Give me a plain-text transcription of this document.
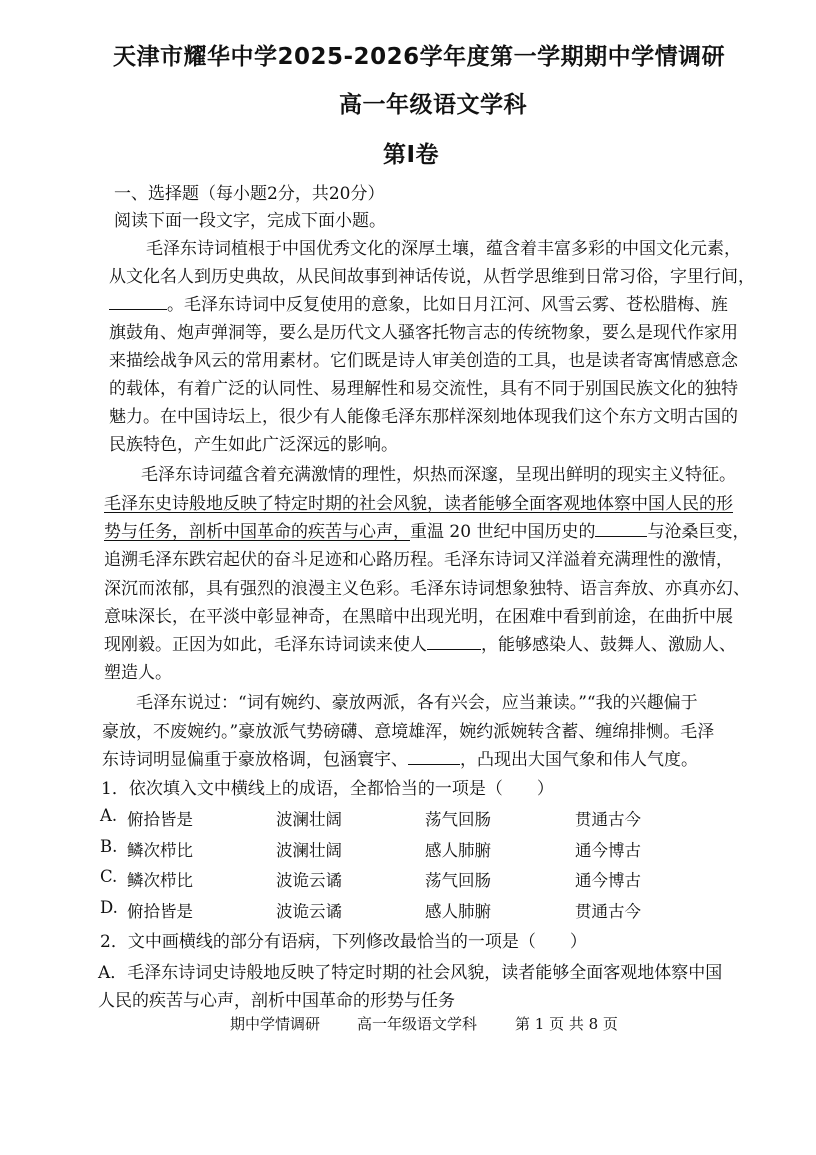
天津市耀华中学2025-2026学年度第一学期期中学情调研
高一年级语文学科
第Ⅰ卷
一、选择题（每小题2分，共20分）
阅读下面一段文字，完成下面小题。
毛泽东诗词植根于中国优秀文化的深厚土壤，蕴含着丰富多彩的中国文化元素，
从文化名人到历史典故，从民间故事到神话传说，从哲学思维到日常习俗，字里行间，
。毛泽东诗词中反复使用的意象，比如日月江河、风雪云雾、苍松腊梅、旌
旗鼓角、炮声弹洞等，要么是历代文人骚客托物言志的传统物象，要么是现代作家用
来描绘战争风云的常用素材。它们既是诗人审美创造的工具，也是读者寄寓情感意念
的载体，有着广泛的认同性、易理解性和易交流性，具有不同于别国民族文化的独特
魅力。在中国诗坛上，很少有人能像毛泽东那样深刻地体现我们这个东方文明古国的
民族特色，产生如此广泛深远的影响。
毛泽东诗词蕴含着充满激情的理性，炽热而深邃，呈现出鲜明的现实主义特征。
毛泽东史诗般地反映了特定时期的社会风貌，读者能够全面客观地体察中国人民的形
势与任务，剖析中国革命的疾苦与心声，重温 20 世纪中国历史的	与沧桑巨变，
追溯毛泽东跌宕起伏的奋斗足迹和心路历程。毛泽东诗词又洋溢着充满理性的激情，
深沉而浓郁，具有强烈的浪漫主义色彩。毛泽东诗词想象独特、语言奔放、亦真亦幻、
意味深长，在平淡中彰显神奇，在黑暗中出现光明，在困难中看到前途，在曲折中展
现刚毅。正因为如此，毛泽东诗词读来使人	，能够感染人、鼓舞人、激励人、
塑造人。
毛泽东说过：“词有婉约、豪放两派，各有兴会，应当兼读。”“我的兴趣偏于
豪放，不废婉约。”豪放派气势磅礴、意境雄浑，婉约派婉转含蓄、缠绵排恻。毛泽
东诗词明显偏重于豪放格调，包涵寰宇、	，凸现出大国气象和伟人气度。
1．依次填入文中横线上的成语，全都恰当的一项是（　　）
A. 俯拾皆是	波澜壮阔	荡气回肠	贯通古今
B. 鳞次栉比	波澜壮阔	感人肺腑	通今博古
C. 鳞次栉比	波诡云谲	荡气回肠	通今博古
D. 俯拾皆是	波诡云谲	感人肺腑	贯通古今
2．文中画横线的部分有语病，下列修改最恰当的一项是（　　）
A．毛泽东诗词史诗般地反映了特定时期的社会风貌，读者能够全面客观地体察中国
人民的疾苦与心声，剖析中国革命的形势与任务
期中学情调研 高一年级语文学科	第 1 页 共 8 页
